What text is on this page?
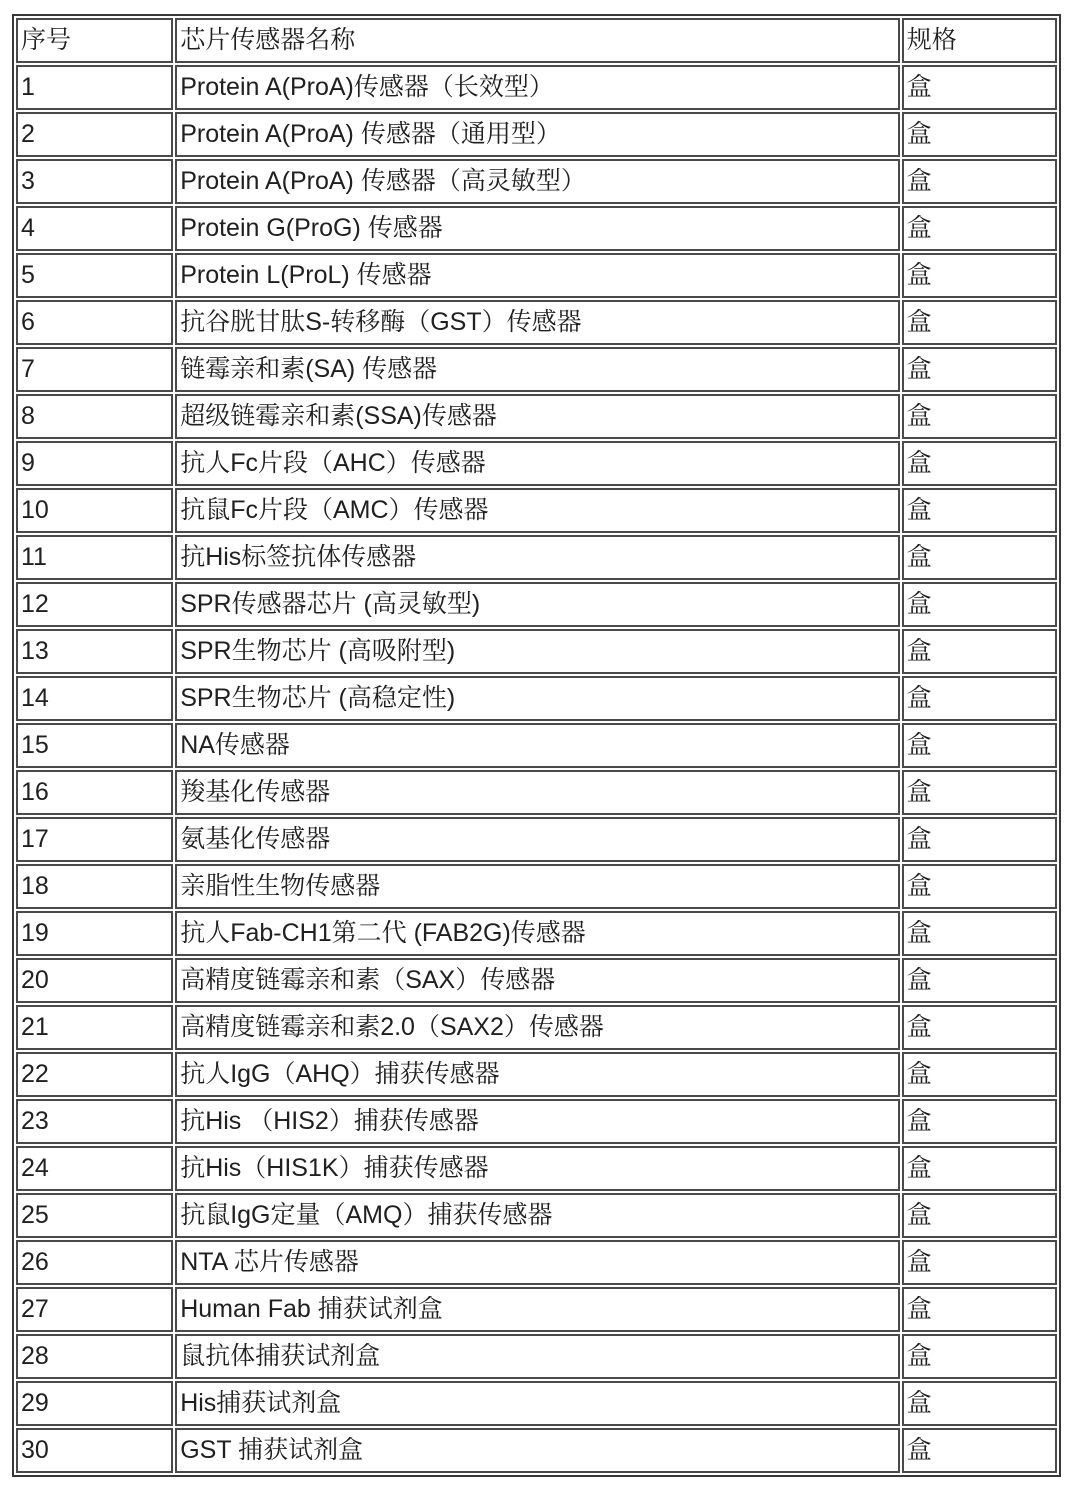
序号	芯片传感器名称	规格
1	Protein A(ProA)传感器（长效型）	盒
2	Protein A(ProA) 传感器（通用型）	盒
3	Protein A(ProA) 传感器（高灵敏型）	盒
4	Protein G(ProG) 传感器	盒
5	Protein L(ProL) 传感器	盒
6	抗谷胱甘肽S-转移酶（GST）传感器	盒
7	链霉亲和素(SA) 传感器	盒
8	超级链霉亲和素(SSA)传感器	盒
9	抗人Fc片段（AHC）传感器	盒
10	抗鼠Fc片段（AMC）传感器	盒
11	抗His标签抗体传感器	盒
12	SPR传感器芯片 (高灵敏型)	盒
13	SPR生物芯片 (高吸附型)	盒
14	SPR生物芯片 (高稳定性)	盒
15	NA传感器	盒
16	羧基化传感器	盒
17	氨基化传感器	盒
18	亲脂性生物传感器	盒
19	抗人Fab-CH1第二代 (FAB2G)传感器	盒
20	高精度链霉亲和素（SAX）传感器	盒
21	高精度链霉亲和素2.0（SAX2）传感器	盒
22	抗人IgG（AHQ）捕获传感器	盒
23	抗His （HIS2）捕获传感器	盒
24	抗His（HIS1K）捕获传感器	盒
25	抗鼠IgG定量（AMQ）捕获传感器	盒
26	NTA 芯片传感器	盒
27	Human Fab 捕获试剂盒	盒
28	鼠抗体捕获试剂盒	盒
29	His捕获试剂盒	盒
30	GST 捕获试剂盒	盒
